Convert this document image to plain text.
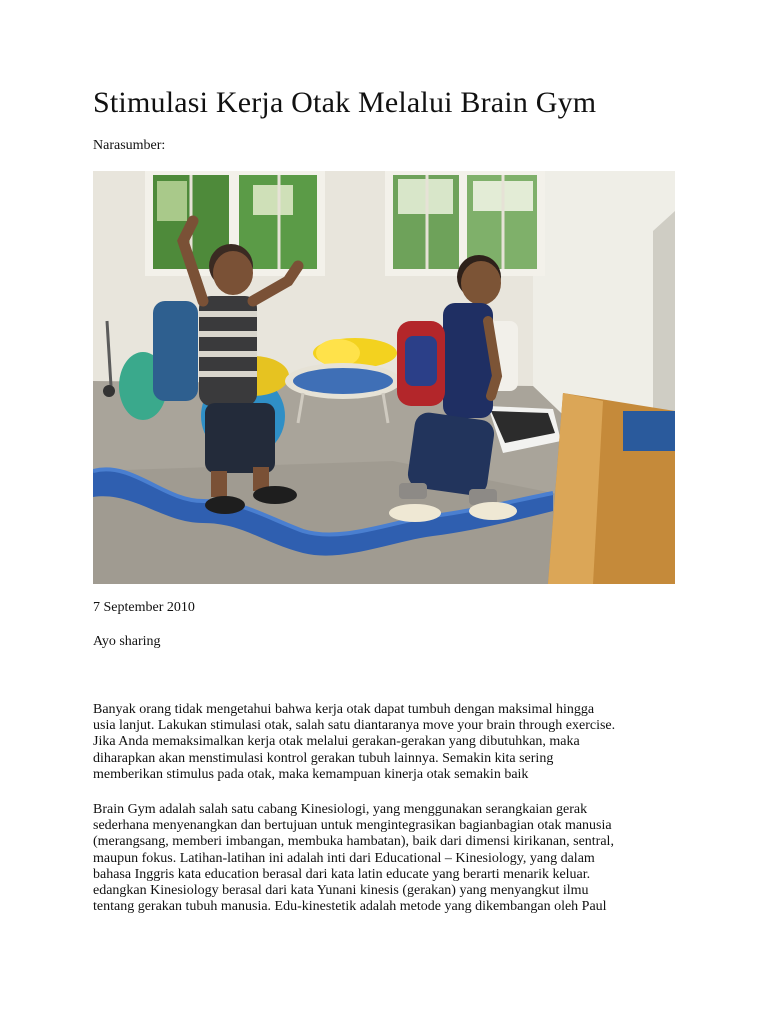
Stimulasi Kerja Otak Melalui Brain Gym
Narasumber:
7 September 2010
Ayo sharing

Banyak orang tidak mengetahui bahwa kerja otak dapat tumbuh dengan maksimal hingga
usia lanjut. Lakukan stimulasi otak, salah satu diantaranya move your brain through exercise.
Jika Anda memaksimalkan kerja otak melalui gerakan-gerakan yang dibutuhkan, maka
diharapkan akan menstimulasi kontrol gerakan tubuh lainnya. Semakin kita sering
memberikan stimulus pada otak, maka kemampuan kinerja otak semakin baik

Brain Gym adalah salah satu cabang Kinesiologi, yang menggunakan serangkaian gerak
sederhana menyenangkan dan bertujuan untuk mengintegrasikan bagianbagian otak manusia
(merangsang, memberi imbangan, membuka hambatan), baik dari dimensi kirikanan, sentral,
maupun fokus. Latihan-latihan ini adalah inti dari Educational – Kinesiology, yang dalam
bahasa Inggris kata education berasal dari kata latin educate yang berarti menarik keluar.
edangkan Kinesiology berasal dari kata Yunani kinesis (gerakan) yang menyangkut ilmu
tentang gerakan tubuh manusia. Edu-kinestetik adalah metode yang dikembangan oleh Paul
